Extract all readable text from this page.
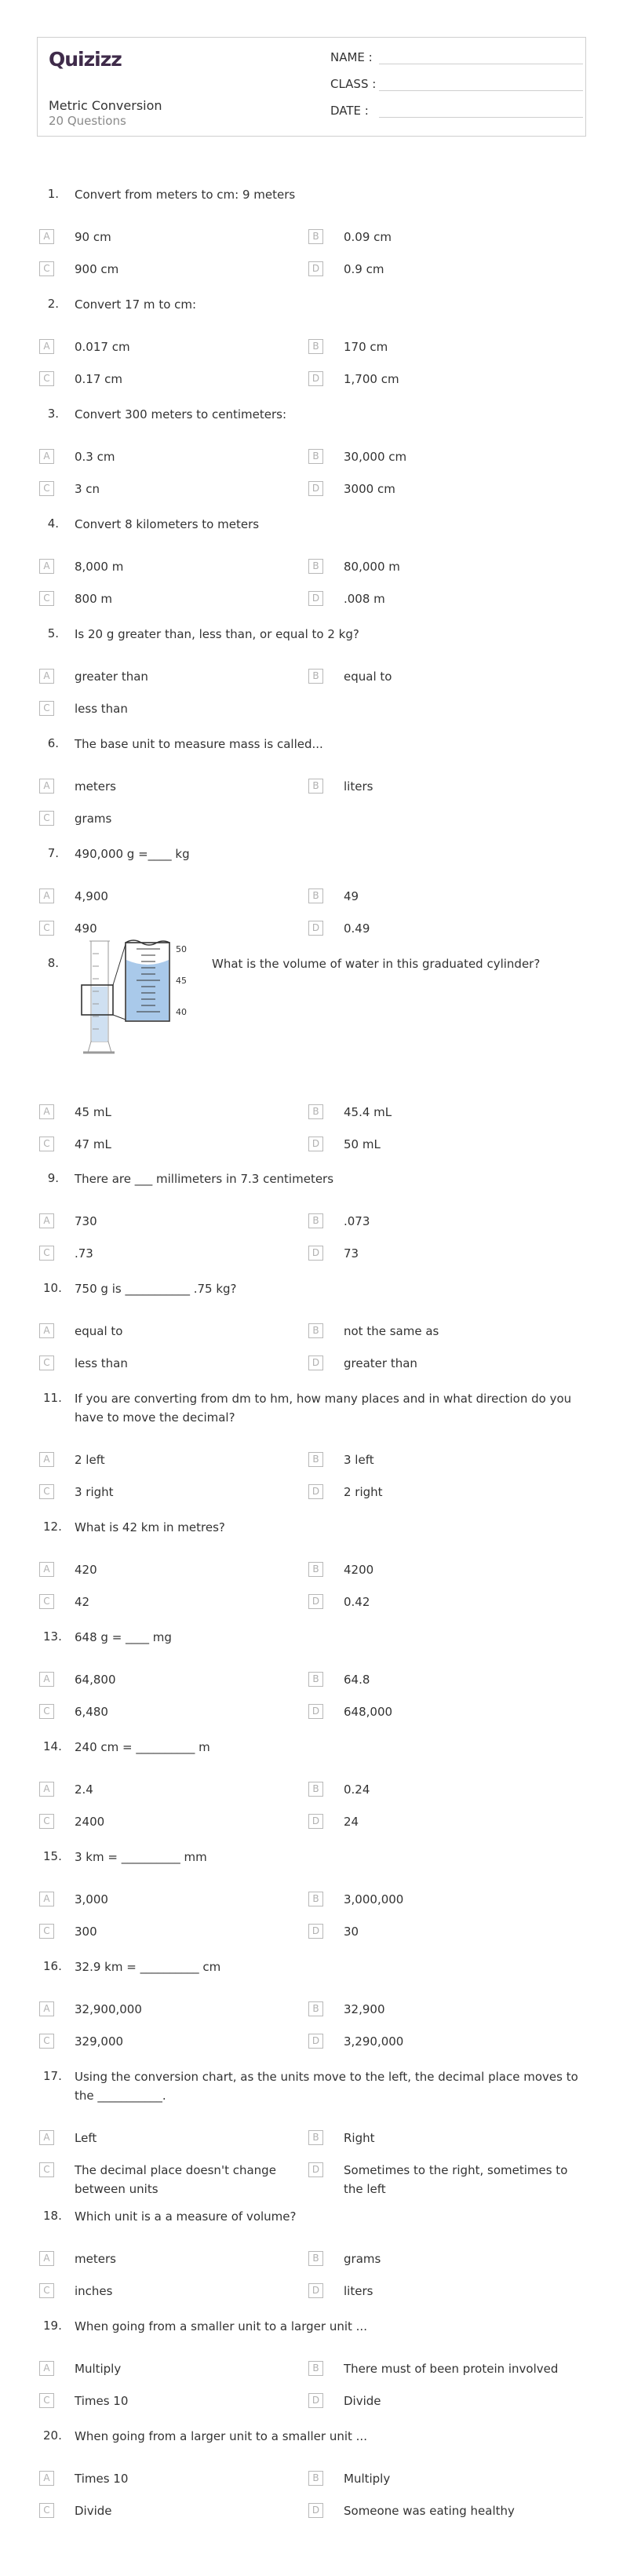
Quizizz
Metric Conversion
20 Questions
NAME :
CLASS :
DATE :
1. Convert from meters to cm: 9 meters
A	90 cm	B	0.09 cm
C	900 cm	D	0.9 cm
2. Convert 17 m to cm:
A	0.017 cm	B	170 cm
C	0.17 cm	D	1,700 cm
3. Convert 300 meters to centimeters:
A	0.3 cm	B	30,000 cm
C	3 cn	D	3000 cm
4. Convert 8 kilometers to meters
A	8,000 m	B	80,000 m
C	800 m	D	.008 m
5. Is 20 g greater than, less than, or equal to 2 kg?
A	greater than	B	equal to
C	less than
6. The base unit to measure mass is called...
A	meters	B	liters
C	grams
7. 490,000 g =____ kg
A	4,900	B	49
C	490	D	0.49
8.	What is the volume of water in this graduated cylinder?
A	45 mL	B	45.4 mL
C	47 mL	D	50 mL
9. There are ___ millimeters in 7.3 centimeters
A	730	B	.073
C	.73	D	73
10. 750 g is ___________ .75 kg?
A	equal to	B	not the same as
C	less than	D	greater than
11. If you are converting from dm to hm, how many places and in what direction do you have to move the decimal?
A	2 left	B	3 left
C	3 right	D	2 right
12. What is 42 km in metres?
A	420	B	4200
C	42	D	0.42
13. 648 g = ____ mg
A	64,800	B	64.8
C	6,480	D	648,000
14. 240 cm = __________ m
A	2.4	B	0.24
C	2400	D	24
15. 3 km = __________ mm
A	3,000	B	3,000,000
C	300	D	30
16. 32.9 km = __________ cm
A	32,900,000	B	32,900
C	329,000	D	3,290,000
17. Using the conversion chart, as the units move to the left, the decimal place moves to the ___________.
A	Left	B	Right
C	The decimal place doesn't change between units
D	Sometimes to the right, sometimes to the left
18. Which unit is a a measure of volume?
A	meters	B	grams
C	inches	D	liters
19. When going from a smaller unit to a larger unit ...
A	Multiply	B	There must of been protein involved
C	Times 10	D	Divide
20. When going from a larger unit to a smaller unit ...
A	Times 10	B	Multiply
C	Divide	D	Someone was eating healthy
50
45
40
